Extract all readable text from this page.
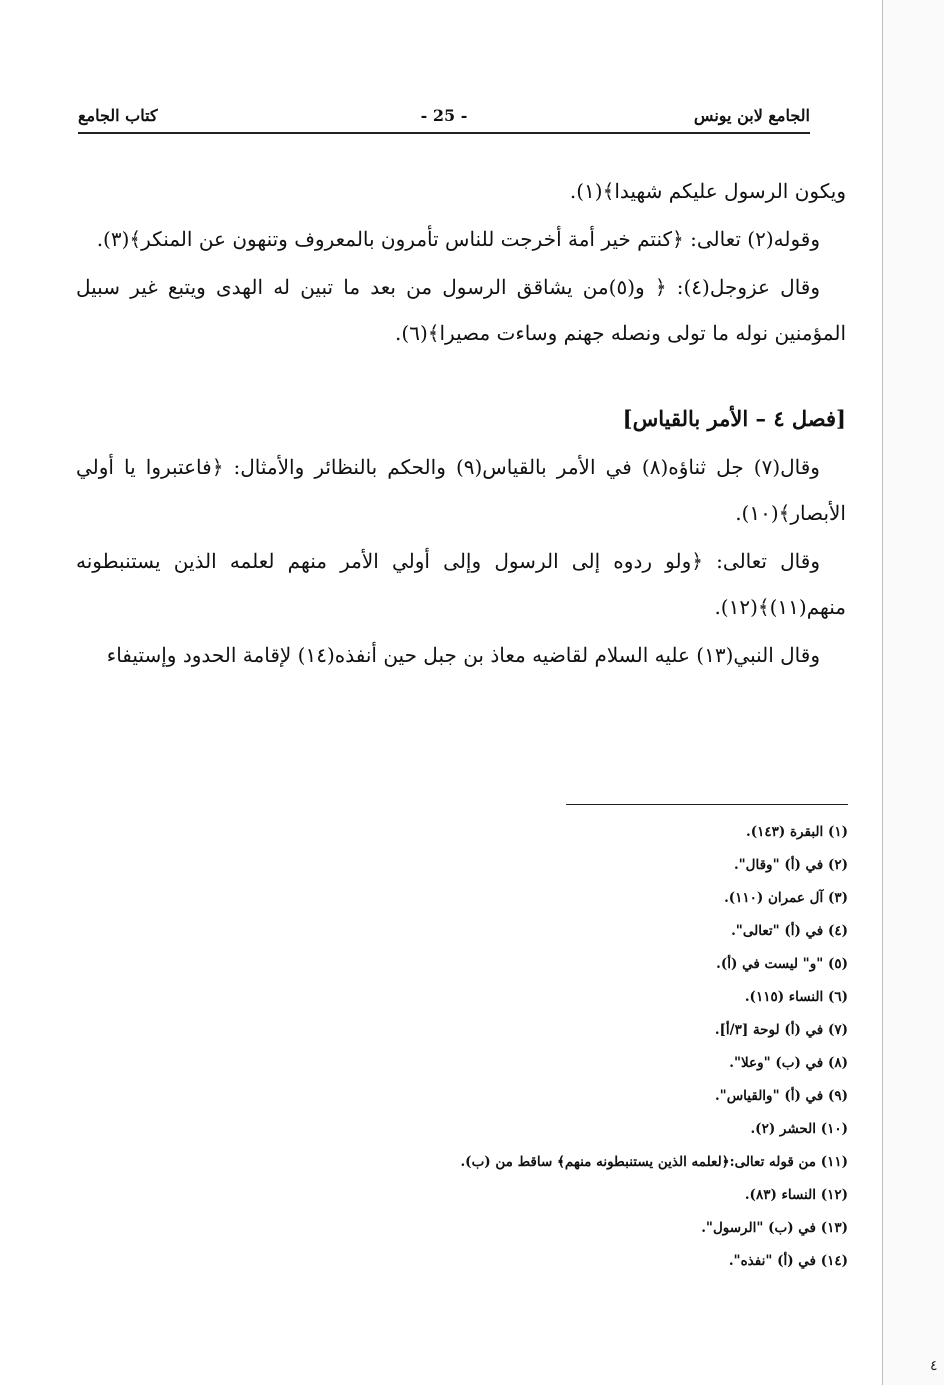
الجامع لابن يونس
- 25 -
كتاب الجامع

ويكون الرسول عليكم شهيدا﴾(١).

وقوله(٢) تعالى: ﴿كنتم خير أمة أخرجت للناس تأمرون بالمعروف وتنهون عن المنكر﴾(٣).

وقال عزوجل(٤): ﴿ و(٥)من يشاقق الرسول من بعد ما تبين له الهدى ويتبع غير سبيل المؤمنين نوله ما تولى ونصله جهنم وساءت مصيرا﴾(٦).

[فصل ٤ – الأمر بالقياس]

وقال(٧) جل ثناؤه(٨) في الأمر بالقياس(٩) والحكم بالنظائر والأمثال: ﴿فاعتبروا يا أولي الأبصار﴾(١٠).

وقال تعالى: ﴿ولو ردوه إلى الرسول وإلى أولي الأمر منهم لعلمه الذين يستنبطونه منهم(١١)﴾(١٢).

وقال النبي(١٣) عليه السلام لقاضيه معاذ بن جبل حين أنفذه(١٤) لإقامة الحدود وإستيفاء

(١) البقرة (١٤٣).
(٢) في (أ) "وقال".
(٣) آل عمران (١١٠).
(٤) في (أ) "تعالى".
(٥) "و" ليست في (أ).
(٦) النساء (١١٥).
(٧) في (أ) لوحة [٣/أ].
(٨) في (ب) "وعلا".
(٩) في (أ) "والقياس".
(١٠) الحشر (٢).
(١١) من قوله تعالى:﴿لعلمه الذين يستنبطونه منهم﴾ ساقط من (ب).
(١٢) النساء (٨٣).
(١٣) في (ب) "الرسول".
(١٤) في (أ) "نفذه".
٤
